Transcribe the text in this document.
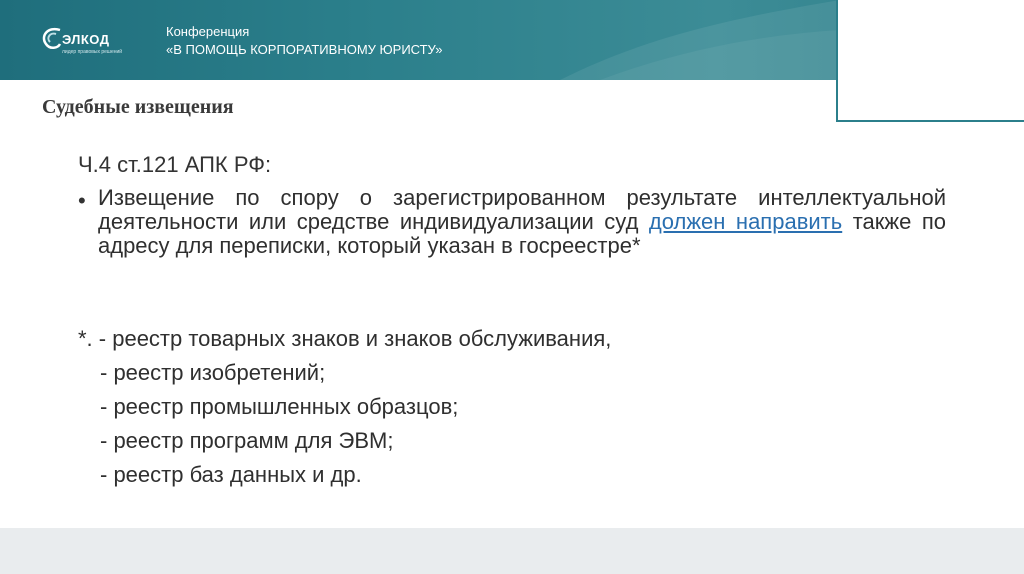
ЭЛКОД
лидер правовых решений
Конференция
«В ПОМОЩЬ КОРПОРАТИВНОМУ ЮРИСТУ»
Судебные извещения
Ч.4 ст.121 АПК РФ:
• Извещение по спору о зарегистрированном результате интеллектуальной деятельности или средстве индивидуализации суд должен направить также по адресу для переписки, который указан в госреестре*
*. - реестр товарных знаков и знаков обслуживания,
- реестр изобретений;
- реестр промышленных образцов;
- реестр программ для ЭВМ;
- реестр баз данных и др.
